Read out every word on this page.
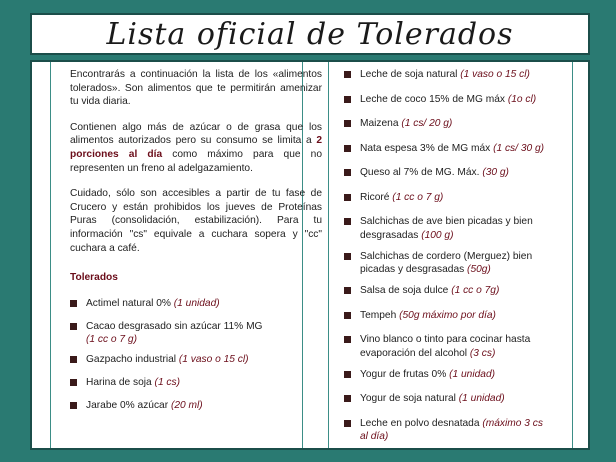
Lista oficial de Tolerados

Encontrarás a continuación la lista de los «alimentos tolerados». Son alimentos que te permitirán amenizar tu vida diaria.

Contienen algo más de azúcar o de grasa que los alimentos autorizados pero su consumo se limita a 2 porciones al día como máximo para que no representen un freno al adelgazamiento.

Cuidado, sólo son accesibles a partir de tu fase de Crucero y están prohibidos los jueves de Proteínas Puras (consolidación, estabilización). Para tu información "cs" equivale a cuchara sopera y "cc" cuchara a café.

Tolerados
Actimel natural 0% (1 unidad)
Cacao desgrasado sin azúcar 11% MG
(1 cc o 7 g)
Gazpacho industrial (1 vaso o 15 cl)
Harina de soja (1 cs)
Jarabe 0% azúcar (20 ml)
Leche de soja natural (1 vaso o 15 cl)
Leche de coco 15% de MG máx (1o cl)
Maizena (1 cs/ 20 g)
Nata espesa 3% de MG máx (1 cs/ 30 g)
Queso al 7% de MG. Máx. (30 g)
Ricoré (1 cc o 7 g)
Salchichas de ave bien picadas y bien desgrasadas (100 g)
Salchichas de cordero (Merguez) bien picadas y desgrasadas (50g)
Salsa de soja dulce (1 cc o 7g)
Tempeh (50g máximo por día)
Vino blanco o tinto para cocinar hasta evaporación del alcohol (3 cs)
Yogur de frutas 0% (1 unidad)
Yogur de soja natural (1 unidad)
Leche en polvo desnatada (máximo 3 cs al día)
